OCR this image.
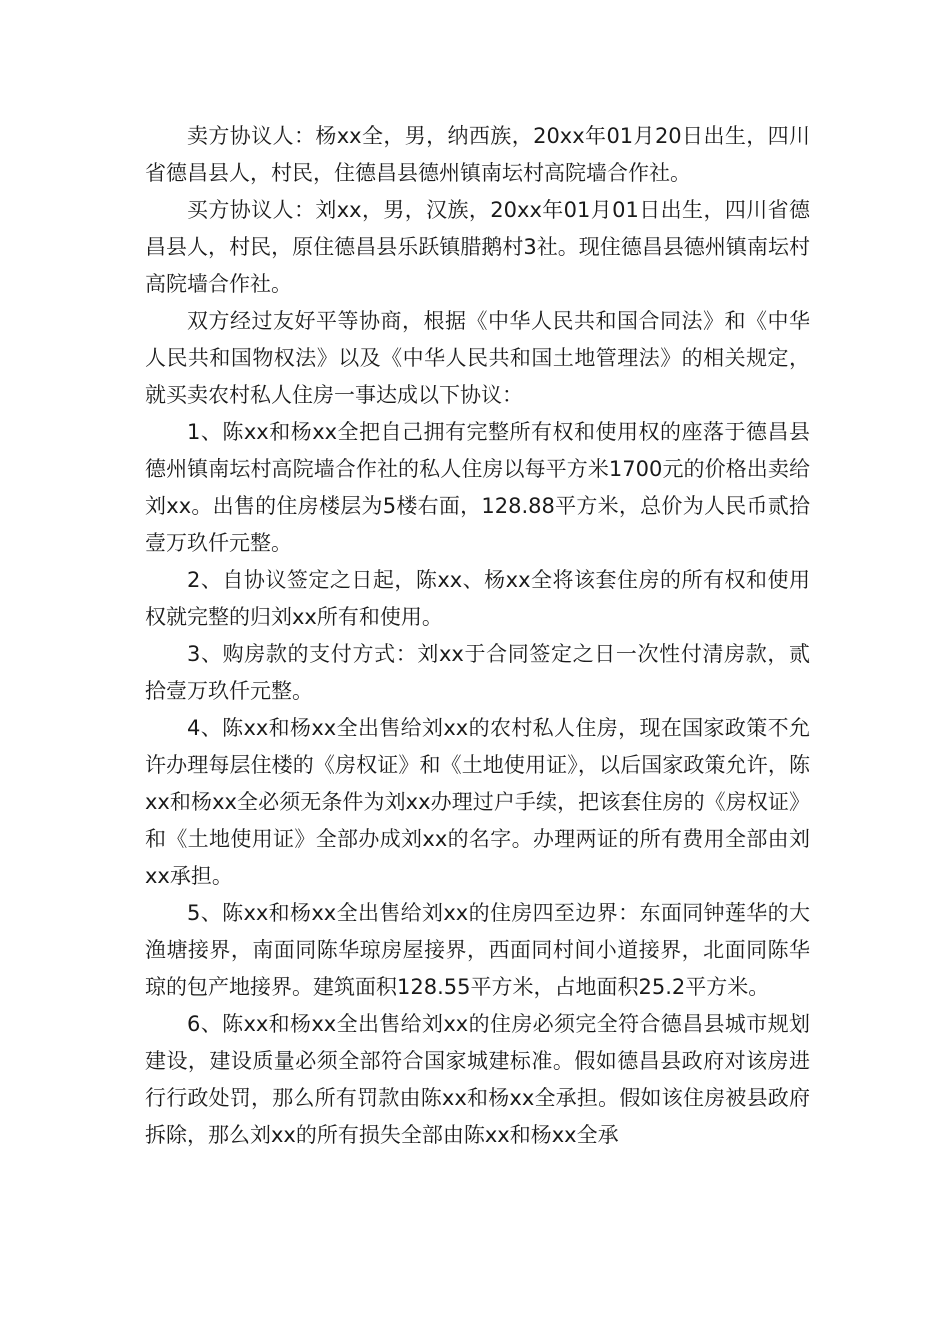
卖方协议人：杨xx全，男，纳西族，20xx年01月20日出生，四川省德昌县人，村民，住德昌县德州镇南坛村高院墙合作社。

买方协议人：刘xx，男，汉族，20xx年01月01日出生，四川省德昌县人，村民，原住德昌县乐跃镇腊鹅村3社。现住德昌县德州镇南坛村高院墙合作社。

双方经过友好平等协商，根据《中华人民共和国合同法》和《中华人民共和国物权法》以及《中华人民共和国土地管理法》的相关规定，就买卖农村私人住房一事达成以下协议：

1、陈xx和杨xx全把自己拥有完整所有权和使用权的座落于德昌县德州镇南坛村高院墙合作社的私人住房以每平方米1700元的价格出卖给刘xx。出售的住房楼层为5楼右面，128.88平方米，总价为人民币贰拾壹万玖仟元整。

2、自协议签定之日起，陈xx、杨xx全将该套住房的所有权和使用权就完整的归刘xx所有和使用。

3、购房款的支付方式：刘xx于合同签定之日一次性付清房款，贰拾壹万玖仟元整。

4、陈xx和杨xx全出售给刘xx的农村私人住房，现在国家政策不允许办理每层住楼的《房权证》和《土地使用证》，以后国家政策允许，陈xx和杨xx全必须无条件为刘xx办理过户手续，把该套住房的《房权证》和《土地使用证》全部办成刘xx的名字。办理两证的所有费用全部由刘xx承担。

5、陈xx和杨xx全出售给刘xx的住房四至边界：东面同钟莲华的大渔塘接界，南面同陈华琼房屋接界，西面同村间小道接界，北面同陈华琼的包产地接界。建筑面积128.55平方米，占地面积25.2平方米。

6、陈xx和杨xx全出售给刘xx的住房必须完全符合德昌县城市规划建设，建设质量必须全部符合国家城建标准。假如德昌县政府对该房进行行政处罚，那么所有罚款由陈xx和杨xx全承担。假如该住房被县政府拆除，那么刘xx的所有损失全部由陈xx和杨xx全承
